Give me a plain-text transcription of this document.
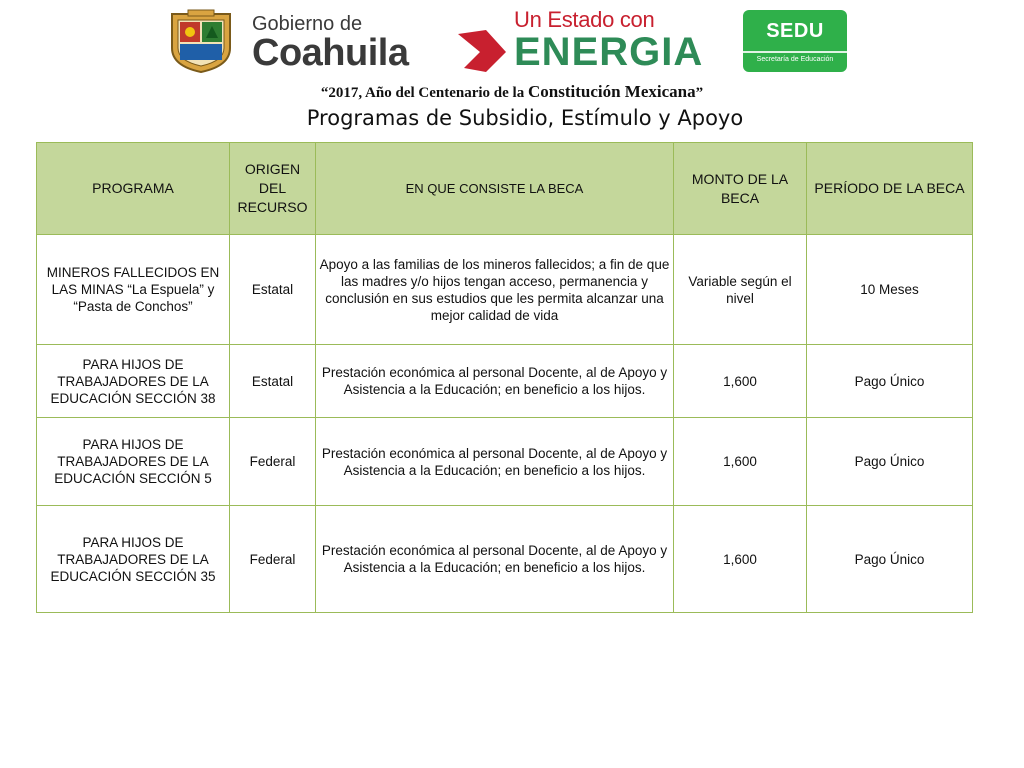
Gobierno de
Coahuila
Un Estado con
ENERGIA	SEDU
Secretaría de Educación
“2017, Año del Centenario de la Constitución Mexicana”
Programas de Subsidio, Estímulo y Apoyo
PROGRAMA	ORIGEN DEL RECURSO	EN QUE CONSISTE LA BECA	MONTO DE LA BECA	PERÍODO DE LA BECA
MINEROS FALLECIDOS EN LAS MINAS “La Espuela” y “Pasta de Conchos”	Estatal	Apoyo a las familias de los mineros fallecidos; a fin de que las madres y/o hijos tengan acceso, permanencia y conclusión en sus estudios que les permita alcanzar una mejor calidad de vida	Variable según el nivel	10 Meses
PARA HIJOS DE TRABAJADORES DE LA EDUCACIÓN SECCIÓN 38	Estatal	Prestación económica al personal Docente, al de Apoyo y Asistencia a la Educación; en beneficio a los hijos.	1,600	Pago Único
PARA HIJOS DE TRABAJADORES DE LA EDUCACIÓN SECCIÓN 5	Federal	Prestación económica al personal Docente, al de Apoyo y Asistencia a la Educación; en beneficio a los hijos.	1,600	Pago Único
PARA HIJOS DE TRABAJADORES DE LA EDUCACIÓN SECCIÓN 35	Federal	Prestación económica al personal Docente, al de Apoyo y Asistencia a la Educación; en beneficio a los hijos.	1,600	Pago Único
